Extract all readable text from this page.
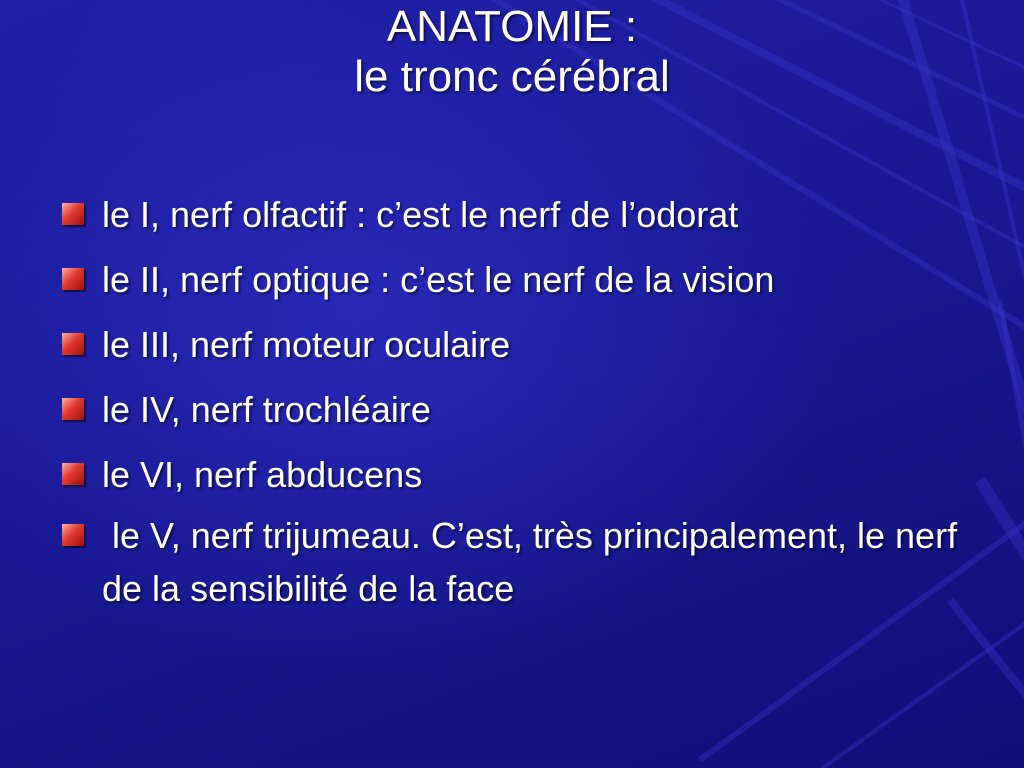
ANATOMIE :
le tronc cérébral
le I, nerf olfactif : c’est le nerf de l’odorat
le II, nerf optique : c’est le nerf de la vision
le III, nerf moteur oculaire
le IV, nerf trochléaire
le VI, nerf abducens
le V, nerf trijumeau. C’est, très principalement, le nerf de la sensibilité de la face
